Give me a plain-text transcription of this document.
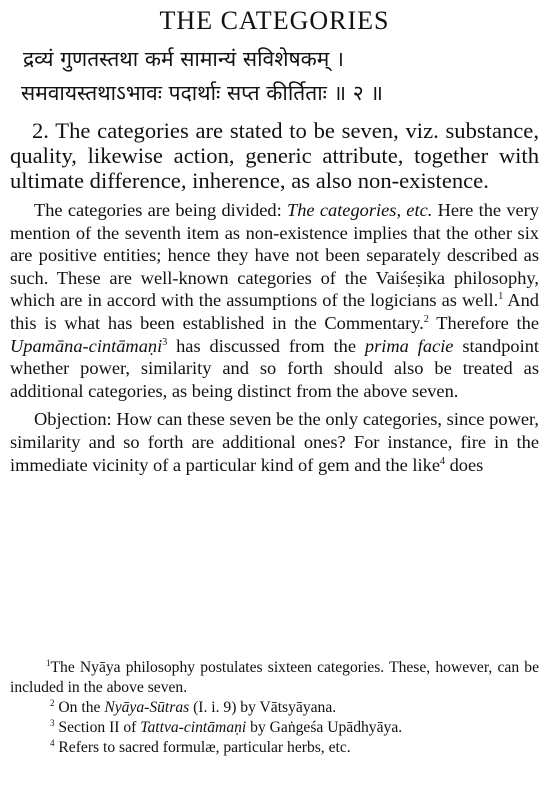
THE CATEGORIES
द्रव्यं गुणतस्तथा कर्म सामान्यं सविशेषकम् ।
समवायस्तथाऽभावः पदार्थाः सप्त कीर्तिताः ॥ २ ॥

2. The categories are stated to be seven, viz. substance, quality, likewise action, generic attribute, together with ultimate difference, inherence, as also non-existence.

The categories are being divided: The categories, etc. Here the very mention of the seventh item as non-existence implies that the other six are positive entities; hence they have not been separately described as such. These are well-known categories of the Vaiśeṣika philosophy, which are in accord with the assumptions of the logicians as well.$^1$ And this is what has been established in the Commentary.$^2$ Therefore the Upamāna-cintāmaṇi$^3$ has discussed from the prima facie standpoint whether power, similarity and so forth should also be treated as additional categories, as being distinct from the above seven.

Objection: How can these seven be the only categories, since power, similarity and so forth are additional ones? For instance, fire in the immediate vicinity of a particular kind of gem and the like$^4$ does

$^1$The Nyāya philosophy postulates sixteen categories. These, however, can be included in the above seven.

$^2$ On the Nyāya-Sūtras (I. i. 9) by Vātsyāyana.

$^3$ Section II of Tattva-cintāmaṇi by Gaṅgeśa Upādhyāya.

$^4$ Refers to sacred formulæ, particular herbs, etc.
